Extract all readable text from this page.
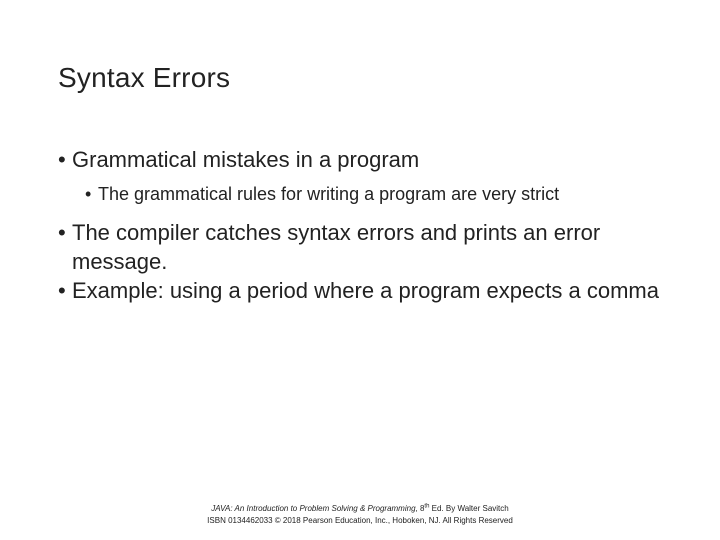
Syntax Errors

• Grammatical mistakes in a program

• The grammatical rules for writing a program are very strict

• The compiler catches syntax errors and prints an error message.

• Example: using a period where a program expects a comma

JAVA: An Introduction to Problem Solving & Programming, 8th Ed. By Walter Savitch
ISBN 0134462033 © 2018 Pearson Education, Inc., Hoboken, NJ. All Rights Reserved
